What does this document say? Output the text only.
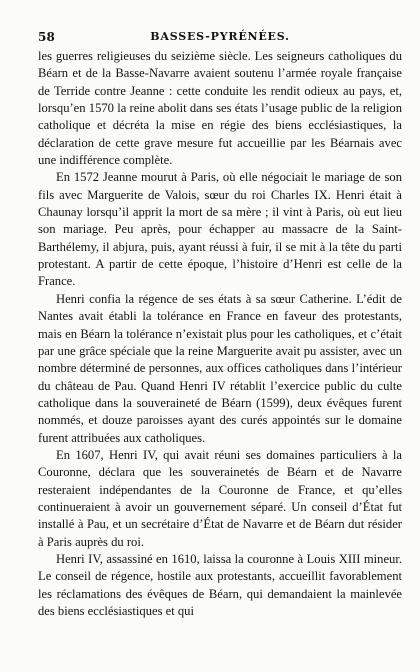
58	BASSES-PYRÉNÉES.

les guerres religieuses du seizième siècle. Les seigneurs catholiques du Béarn et de la Basse-Navarre avaient soutenu l’armée royale française de Terride contre Jeanne : cette conduite les rendit odieux au pays, et, lorsqu’en 1570 la reine abolit dans ses états l’usage public de la religion catholique et décréta la mise en régie des biens ecclésiastiques, la déclaration de cette grave mesure fut accueillie par les Béarnais avec une indifférence complète.

En 1572 Jeanne mourut à Paris, où elle négociait le mariage de son fils avec Marguerite de Valois, sœur du roi Charles IX. Henri était à Chaunay lorsqu’il apprit la mort de sa mère ; il vint à Paris, où eut lieu son mariage. Peu après, pour échapper au massacre de la Saint-Barthélemy, il abjura, puis, ayant réussi à fuir, il se mit à la tête du parti protestant. A partir de cette époque, l’histoire d’Henri est celle de la France.

Henri confia la régence de ses états à sa sœur Catherine. L’édit de Nantes avait établi la tolérance en France en faveur des protestants, mais en Béarn la tolérance n’existait plus pour les catholiques, et c’était par une grâce spéciale que la reine Marguerite avait pu assister, avec un nombre déterminé de personnes, aux offices catholiques dans l’intérieur du château de Pau. Quand Henri IV rétablit l’exercice public du culte catholique dans la souveraineté de Béarn (1599), deux évêques furent nommés, et douze paroisses ayant des curés appointés sur le domaine furent attribuées aux catholiques.

En 1607, Henri IV, qui avait réuni ses domaines particuliers à la Couronne, déclara que les souverainetés de Béarn et de Navarre resteraient indépendantes de la Couronne de France, et qu’elles continueraient à avoir un gouvernement séparé. Un conseil d’État fut installé à Pau, et un secrétaire d’État de Navarre et de Béarn dut résider à Paris auprès du roi.

Henri IV, assassiné en 1610, laissa la couronne à Louis XIII mineur. Le conseil de régence, hostile aux protestants, accueillit favorablement les réclamations des évêques de Béarn, qui demandaient la mainlevée des biens ecclésiastiques et qui
